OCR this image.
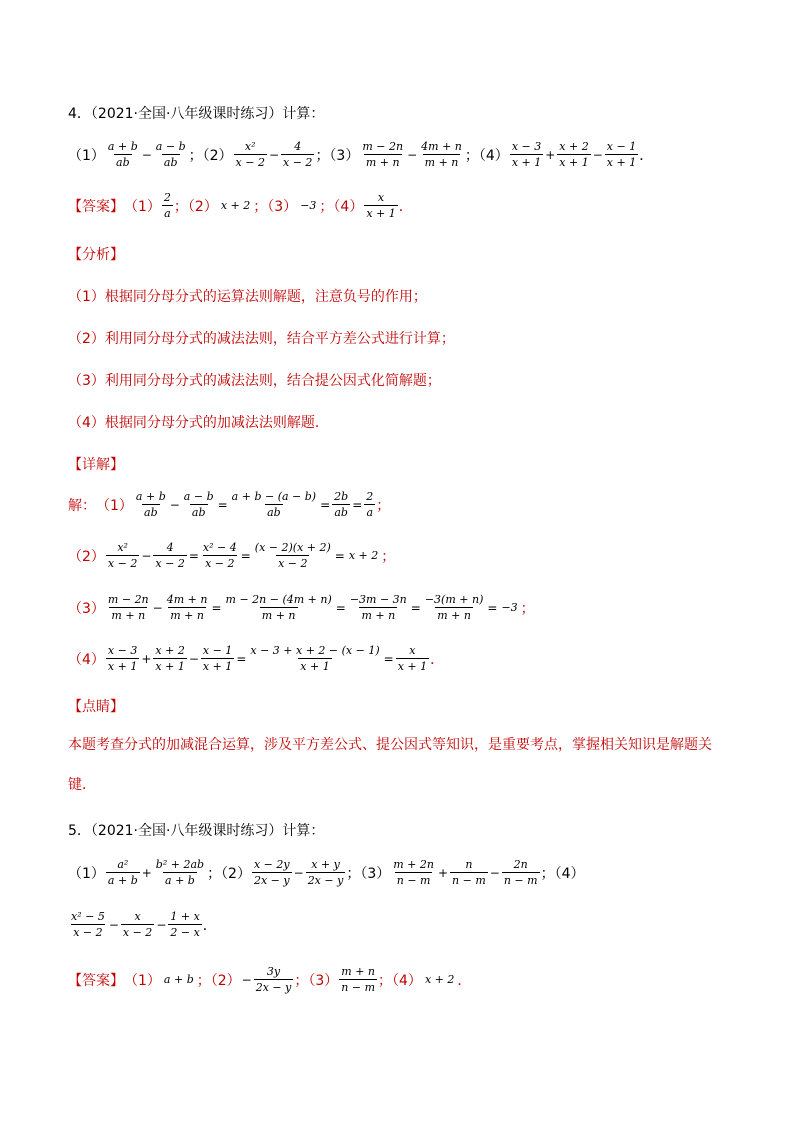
4．（2021·全国·八年级课时练习）计算：
（1）
a + b
ab
− $\frac{a - b}{ab}$ ；（2）
x²
x − 2
− $\frac{4}{x - 2}$ ；（3）
m − 2n
m + n
− $\frac{4m + n}{m + n}$ ；（4）
x − 3
x + 1
+ $\frac{x + 2}{x + 1} - \frac{x - 1}{x + 1}$ ．
【答案】 （1）
2
a ；（2） x + 2 ；（3） −3 ；（4）
x
x + 1 ．
【分析】
（1）根据同分母分式的运算法则解题，注意负号的作用；
（2）利用同分母分式的减法法则，结合平方差公式进行计算；
（3）利用同分母分式的减法法则，结合提公因式化简解题；
（4）根据同分母分式的加减法法则解题．
【详解】
解： （1）
a + b
ab
− $\frac{a - b}{ab} = \frac{a + b - (a - b)}{ab} = \frac{2b}{ab} = \frac{2}{a}$ ；
（2）
x²
x − 2
− $\frac{4}{x - 2} = \frac{\text{x² − 4}}{x - 2} = \frac{(x - 2)(x + 2)}{x - 2} = x + 2$ ；
（3）
m − 2n
m + n
− $\frac{4m + n}{m + n} = \frac{m - 2n - (4m + n)}{m + n} = \frac{-3m - 3n}{m + n} = \frac{-3(m + n)}{m + n} = -3$ ；
（4）
x − 3
x + 1
+ $\frac{x + 2}{x + 1} - \frac{x - 1}{x + 1} = \frac{x - 3 + x + 2 - (x - 1)}{x + 1} = \frac{x}{x + 1}$ ．
【点睛】
本题考查分式的加减混合运算，涉及平方差公式、提公因式等知识，是重要考点，掌握相关知识是解题关键．
5．（2021·全国·八年级课时练习）计算：
（1）
a²
a + b
+ $\frac{\text{b² + 2ab}}{a + b}$ ；（2）
x − 2y
2x − y
− $\frac{x + y}{2x - y}$ ；（3）
m + 2n
n − m
+ $\frac{n}{n - m} - \frac{2n}{n - m}$ ；（4）
x² − 5
x − 2
− $\frac{x}{x - 2} - \frac{1 + x}{2 - x}$ ．
【答案】 （1） a + b ；$(2) - \frac{3y}{2x - y}$ ；（3）
m + n
n − m ；（4） x + 2 ．
